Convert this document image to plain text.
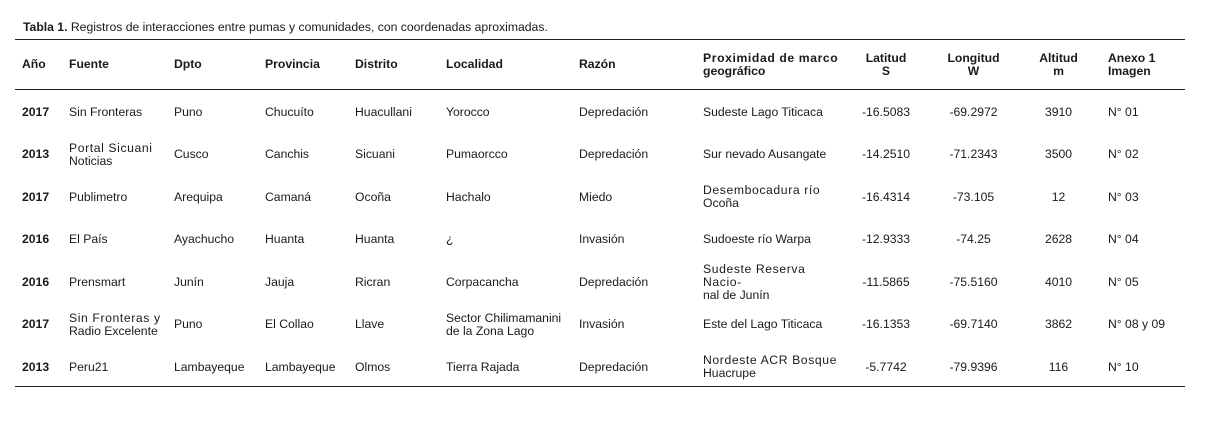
Tabla 1. Registros de interacciones entre pumas y comunidades, con coordenadas aproximadas.
Año	Fuente	Dpto	Provincia	Distrito	Localidad	Razón	Proximidad de marco
geográfico	Latitud
S	Longitud
W	Altitud
m	Anexo 1
Imagen

2017	Sin Fronteras	Puno	Chucuíto	Huacullani	Yorocco	Depredación	Sudeste Lago Titicaca	-16.5083	-69.2972	3910	N° 01
2013	Portal Sicuani
Noticias	Cusco	Canchis	Sicuani	Pumaorcco	Depredación	Sur nevado Ausangate	-14.2510	-71.2343	3500	N° 02
2017	Publimetro	Arequipa	Camaná	Ocoña	Hachalo	Miedo	Desembocadura río
Ocoña	-16.4314	-73.105	12	N° 03
2016	El País	Ayachucho	Huanta	Huanta	¿	Invasión	Sudoeste río Warpa	-12.9333	-74.25	2628	N° 04
2016	Prensmart	Junín	Jauja	Ricran	Corpacancha	Depredación	Sudeste Reserva Nacio-
nal de Junín	-11.5865	-75.5160	4010	N° 05
2017	Sin Fronteras y
Radio Excelente	Puno	El Collao	Llave	Sector Chilimamanini
de la Zona Lago	Invasión	Este del Lago Titicaca	-16.1353	-69.7140	3862	N° 08 y 09
2013	Peru21	Lambayeque	Lambayeque	Olmos	Tierra Rajada	Depredación	Nordeste ACR Bosque
Huacrupe	-5.7742	-79.9396	116	N° 10
